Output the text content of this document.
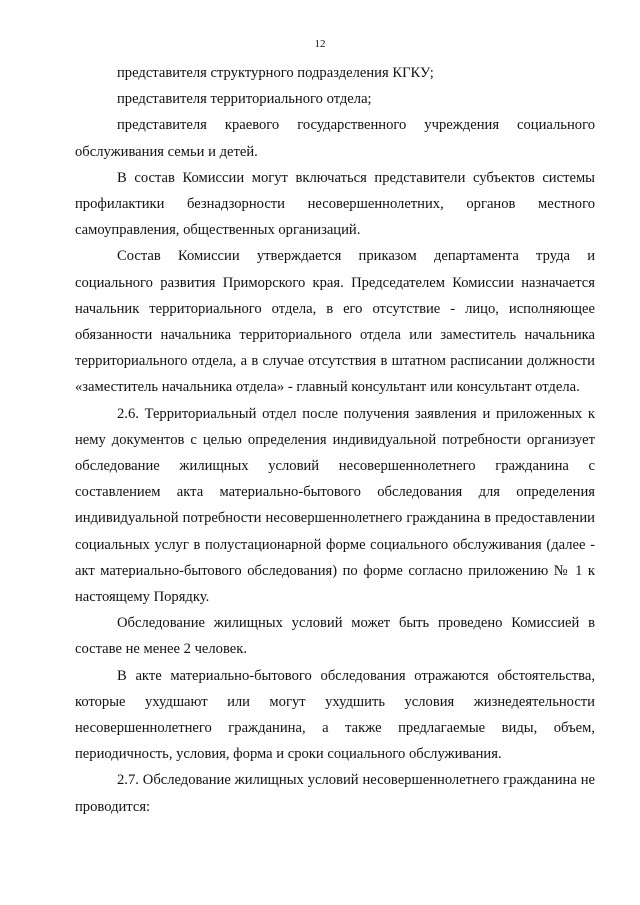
12

представителя структурного подразделения КГКУ;

представителя территориального отдела;

представителя краевого государственного учреждения социального обслуживания семьи и детей.

В состав Комиссии могут включаться представители субъектов системы профилактики безнадзорности несовершеннолетних, органов местного самоуправления, общественных организаций.

Состав Комиссии утверждается приказом департамента труда и социального развития Приморского края. Председателем Комиссии назначается начальник территориального отдела, в его отсутствие - лицо, исполняющее обязанности начальника территориального отдела или заместитель начальника территориального отдела, а в случае отсутствия в штатном расписании должности «заместитель начальника отдела» - главный консультант или консультант отдела.

2.6. Территориальный отдел после получения заявления и приложенных к нему документов с целью определения индивидуальной потребности организует обследование жилищных условий несовершеннолетнего гражданина с составлением акта материально-бытового обследования для определения индивидуальной потребности несовершеннолетнего гражданина в предоставлении социальных услуг в полустационарной форме социального обслуживания (далее - акт материально-бытового обследования) по форме согласно приложению № 1 к настоящему Порядку.

Обследование жилищных условий может быть проведено Комиссией в составе не менее 2 человек.

В акте материально-бытового обследования отражаются обстоятельства, которые ухудшают или могут ухудшить условия жизнедеятельности несовершеннолетнего гражданина, а также предлагаемые виды, объем, периодичность, условия, форма и сроки социального обслуживания.

2.7. Обследование жилищных условий несовершеннолетнего гражданина не проводится:
